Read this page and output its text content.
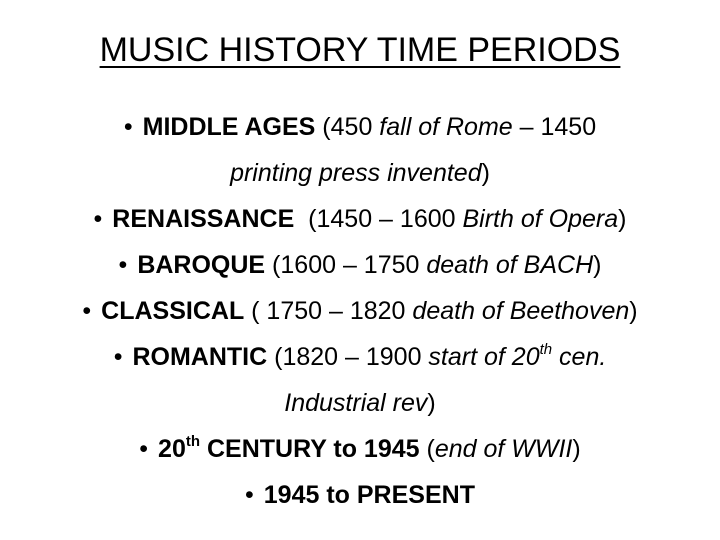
MUSIC HISTORY TIME PERIODS
• MIDDLE AGES (450 fall of Rome – 1450
printing press invented)
• RENAISSANCE  (1450 – 1600 Birth of Opera)
• BAROQUE (1600 – 1750 death of BACH)
• CLASSICAL ( 1750 – 1820 death of Beethoven)
• ROMANTIC (1820 – 1900 start of 20th cen.
Industrial rev)
• 20th CENTURY to 1945 (end of WWII)
• 1945 to PRESENT
